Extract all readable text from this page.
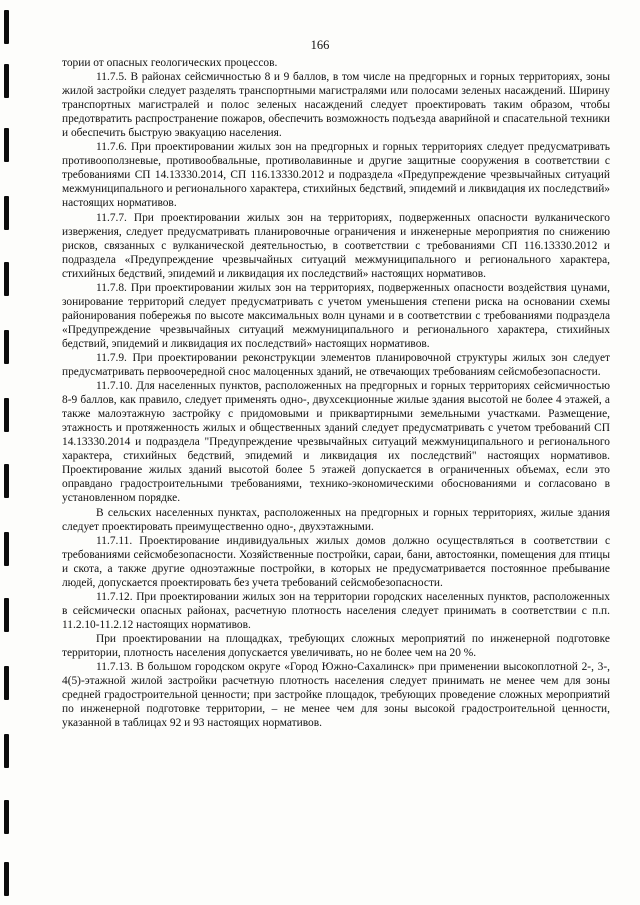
166

тории от опасных геологических процессов.

11.7.5. В районах сейсмичностью 8 и 9 баллов, в том числе на предгорных и горных территориях, зоны жилой застройки следует разделять транспортными магистралями или полосами зеленых насаждений. Ширину транспортных магистралей и полос зеленых насаждений следует проектировать таким образом, чтобы предотвратить распространение пожаров, обеспечить возможность подъезда аварийной и спасательной техники и обеспечить быструю эвакуацию населения.

11.7.6. При проектировании жилых зон на предгорных и горных территориях следует предусматривать противооползневые, противообвальные, противолавинные и другие защитные сооружения в соответствии с требованиями СП 14.13330.2014, СП 116.13330.2012 и подраздела «Предупреждение чрезвычайных ситуаций межмуниципального и регионального характера, стихийных бедствий, эпидемий и ликвидация их последствий» настоящих нормативов.

11.7.7. При проектировании жилых зон на территориях, подверженных опасности вулканического извержения, следует предусматривать планировочные ограничения и инженерные мероприятия по снижению рисков, связанных с вулканической деятельностью, в соответствии с требованиями СП 116.13330.2012 и подраздела «Предупреждение чрезвычайных ситуаций межмуниципального и регионального характера, стихийных бедствий, эпидемий и ликвидация их последствий» настоящих нормативов.

11.7.8. При проектировании жилых зон на территориях, подверженных опасности воздействия цунами, зонирование территорий следует предусматривать с учетом уменьшения степени риска на основании схемы районирования побережья по высоте максимальных волн цунами и в соответствии с требованиями подраздела «Предупреждение чрезвычайных ситуаций межмуниципального и регионального характера, стихийных бедствий, эпидемий и ликвидация их последствий» настоящих нормативов.

11.7.9. При проектировании реконструкции элементов планировочной структуры жилых зон следует предусматривать первоочередной снос малоценных зданий, не отвечающих требованиям сейсмобезопасности.

11.7.10. Для населенных пунктов, расположенных на предгорных и горных территориях сейсмичностью 8-9 баллов, как правило, следует применять одно-, двухсекционные жилые здания высотой не более 4 этажей, а также малоэтажную застройку с придомовыми и приквартирными земельными участками. Размещение, этажность и протяженность жилых и общественных зданий следует предусматривать с учетом требований СП 14.13330.2014 и подраздела "Предупреждение чрезвычайных ситуаций межмуниципального и регионального характера, стихийных бедствий, эпидемий и ликвидация их последствий" настоящих нормативов. Проектирование жилых зданий высотой более 5 этажей допускается в ограниченных объемах, если это оправдано градостроительными требованиями, технико-экономическими обоснованиями и согласовано в установленном порядке.

В сельских населенных пунктах, расположенных на предгорных и горных территориях, жилые здания следует проектировать преимущественно одно-, двухэтажными.

11.7.11. Проектирование индивидуальных жилых домов должно осуществляться в соответствии с требованиями сейсмобезопасности. Хозяйственные постройки, сараи, бани, автостоянки, помещения для птицы и скота, а также другие одноэтажные постройки, в которых не предусматривается постоянное пребывание людей, допускается проектировать без учета требований сейсмобезопасности.

11.7.12. При проектировании жилых зон на территории городских населенных пунктов, расположенных в сейсмически опасных районах, расчетную плотность населения следует принимать в соответствии с п.п. 11.2.10-11.2.12 настоящих нормативов.

При проектировании на площадках, требующих сложных мероприятий по инженерной подготовке территории, плотность населения допускается увеличивать, но не более чем на 20 %.

11.7.13. В большом городском округе «Город Южно-Сахалинск» при применении высокоплотной 2-, 3-, 4(5)-этажной жилой застройки расчетную плотность населения следует принимать не менее чем для зоны средней градостроительной ценности; при застройке площадок, требующих проведение сложных мероприятий по инженерной подготовке территории, – не менее чем для зоны высокой градостроительной ценности, указанной в таблицах 92 и 93 настоящих нормативов.
